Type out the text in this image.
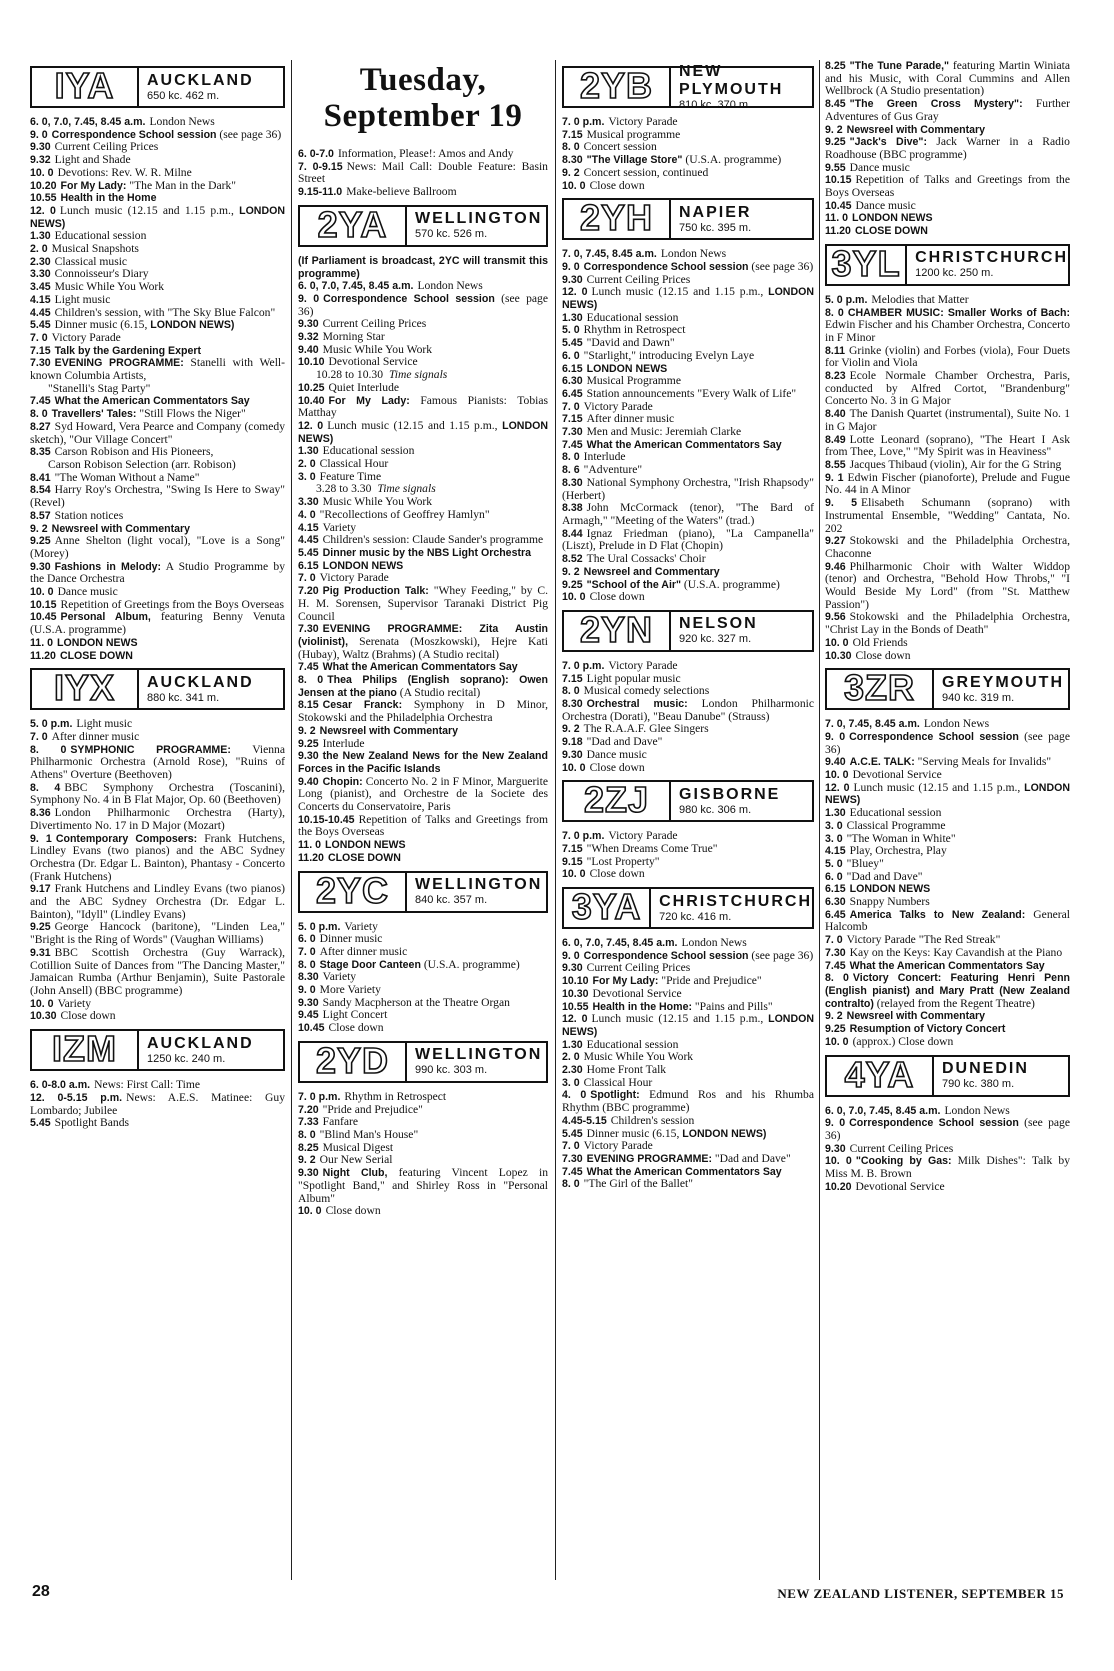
IYA	AUCKLAND
650 kc. 462 m.

6. 0, 7.0, 7.45, 8.45 a.m. London News

9. 0 Correspondence School session (see page 36)

9.30 Current Ceiling Prices

9.32 Light and Shade

10. 0 Devotions: Rev. W. R. Milne

10.20 For My Lady: "The Man in the Dark"

10.55 Health in the Home

12. 0 Lunch music (12.15 and 1.15 p.m., LONDON NEWS)

1.30 Educational session

2. 0 Musical Snapshots

2.30 Classical music

3.30 Connoisseur's Diary

3.45 Music While You Work

4.15 Light music

4.45 Children's session, with "The Sky Blue Falcon"

5.45 Dinner music (6.15, LONDON NEWS)

7. 0 Victory Parade

7.15 Talk by the Gardening Expert

7.30 EVENING PROGRAMME: Stanelli with Well-known Columbia Artists,

"Stanelli's Stag Party"

7.45 What the American Commentators Say

8. 0 Travellers' Tales: "Still Flows the Niger"

8.27 Syd Howard, Vera Pearce and Company (comedy sketch), "Our Village Concert"

8.35 Carson Robison and His Pioneers,

Carson Robison Selection (arr. Robison)

8.41 "The Woman Without a Name"

8.54 Harry Roy's Orchestra, "Swing Is Here to Sway" (Revel)

8.57 Station notices

9. 2 Newsreel with Commentary

9.25 Anne Shelton (light vocal), "Love is a Song" (Morey)

9.30 Fashions in Melody: A Studio Programme by the Dance Orchestra

10. 0 Dance music

10.15 Repetition of Greetings from the Boys Overseas

10.45 Personal Album, featuring Benny Venuta (U.S.A. programme)

11. 0 LONDON NEWS

11.20 CLOSE DOWN

IYX	AUCKLAND
880 kc. 341 m.

5. 0 p.m. Light music

7. 0 After dinner music

8. 0 SYMPHONIC PROGRAMME: Vienna Philharmonic Orchestra (Arnold Rose), "Ruins of Athens" Overture (Beethoven)

8. 4 BBC Symphony Orchestra (Toscanini), Symphony No. 4 in B Flat Major, Op. 60 (Beethoven)

8.36 London Philharmonic Orchestra (Harty), Divertimento No. 17 in D Major (Mozart)

9. 1 Contemporary Composers: Frank Hutchens, Lindley Evans (two pianos) and the ABC Sydney Orchestra (Dr. Edgar L. Bainton), Phantasy - Concerto (Frank Hutchens)

9.17 Frank Hutchens and Lindley Evans (two pianos) and the ABC Sydney Orchestra (Dr. Edgar L. Bainton), "Idyll" (Lindley Evans)

9.25 George Hancock (baritone), "Linden Lea," "Bright is the Ring of Words" (Vaughan Williams)

9.31 BBC Scottish Orchestra (Guy Warrack), Cotillion Suite of Dances from "The Dancing Master," Jamaican Rumba (Arthur Benjamin), Suite Pastorale (John Ansell) (BBC programme)

10. 0 Variety

10.30 Close down

IZM	AUCKLAND
1250 kc. 240 m.

6. 0-8.0 a.m. News: First Call: Time

12. 0-5.15 p.m. News: A.E.S. Matinee: Guy Lombardo; Jubilee

5.45 Spotlight Bands

Tuesday, September 19

6. 0-7.0 Information, Please!: Amos and Andy

7. 0-9.15 News: Mail Call: Double Feature: Basin Street

9.15-11.0 Make-believe Ballroom

2YA	WELLINGTON
570 kc. 526 m.

(If Parliament is broadcast, 2YC will transmit this programme)

6. 0, 7.0, 7.45, 8.45 a.m. London News

9. 0 Correspondence School session (see page 36)

9.30 Current Ceiling Prices

9.32 Morning Star

9.40 Music While You Work

10.10 Devotional Service

10.28 to 10.30 Time signals

10.25 Quiet Interlude

10.40 For My Lady: Famous Pianists: Tobias Matthay

12. 0 Lunch music (12.15 and 1.15 p.m., LONDON NEWS)

1.30 Educational session

2. 0 Classical Hour

3. 0 Feature Time

3.28 to 3.30 Time signals

3.30 Music While You Work

4. 0 "Recollections of Geoffrey Hamlyn"

4.15 Variety

4.45 Children's session: Claude Sander's programme

5.45 Dinner music by the NBS Light Orchestra

6.15 LONDON NEWS

7. 0 Victory Parade

7.20 Pig Production Talk: "Whey Feeding," by C. H. M. Sorensen, Supervisor Taranaki District Pig Council

7.30 EVENING PROGRAMME: Zita Austin (violinist), Serenata (Moszkowski), Hejre Kati (Hubay), Waltz (Brahms) (A Studio recital)

7.45 What the American Commentators Say

8. 0 Thea Philips (English soprano): Owen Jensen at the piano (A Studio recital)

8.15 Cesar Franck: Symphony in D Minor, Stokowski and the Philadelphia Orchestra

9. 2 Newsreel with Commentary

9.25 Interlude

9.30 the New Zealand News for the New Zealand Forces in the Pacific Islands

9.40 Chopin: Concerto No. 2 in F Minor, Marguerite Long (pianist), and Orchestre de la Societe des Concerts du Conservatoire, Paris

10.15-10.45 Repetition of Talks and Greetings from the Boys Overseas

11. 0 LONDON NEWS

11.20 CLOSE DOWN

2YC	WELLINGTON
840 kc. 357 m.

5. 0 p.m. Variety

6. 0 Dinner music

7. 0 After dinner music

8. 0 Stage Door Canteen (U.S.A. programme)

8.30 Variety

9. 0 More Variety

9.30 Sandy Macpherson at the Theatre Organ

9.45 Light Concert

10.45 Close down

2YD	WELLINGTON
990 kc. 303 m.

7. 0 p.m. Rhythm in Retrospect

7.20 "Pride and Prejudice"

7.33 Fanfare

8. 0 "Blind Man's House"

8.25 Musical Digest

9. 2 Our New Serial

9.30 Night Club, featuring Vincent Lopez in "Spotlight Band," and Shirley Ross in "Personal Album"

10. 0 Close down

2YB	NEW PLYMOUTH
810 kc. 370 m.

7. 0 p.m. Victory Parade

7.15 Musical programme

8. 0 Concert session

8.30 "The Village Store" (U.S.A. programme)

9. 2 Concert session, continued

10. 0 Close down

2YH	NAPIER
750 kc. 395 m.

7. 0, 7.45, 8.45 a.m. London News

9. 0 Correspondence School session (see page 36)

9.30 Current Ceiling Prices

12. 0 Lunch music (12.15 and 1.15 p.m., LONDON NEWS)

1.30 Educational session

5. 0 Rhythm in Retrospect

5.45 "David and Dawn"

6. 0 "Starlight," introducing Evelyn Laye

6.15 LONDON NEWS

6.30 Musical Programme

6.45 Station announcements "Every Walk of Life"

7. 0 Victory Parade

7.15 After dinner music

7.30 Men and Music: Jeremiah Clarke

7.45 What the American Commentators Say

8. 0 Interlude

8. 6 "Adventure"

8.30 National Symphony Orchestra, "Irish Rhapsody" (Herbert)

8.38 John McCormack (tenor), "The Bard of Armagh," "Meeting of the Waters" (trad.)

8.44 Ignaz Friedman (piano), "La Campanella" (Liszt), Prelude in D Flat (Chopin)

8.52 The Ural Cossacks' Choir

9. 2 Newsreel and Commentary

9.25 "School of the Air" (U.S.A. programme)

10. 0 Close down

2YN	NELSON
920 kc. 327 m.

7. 0 p.m. Victory Parade

7.15 Light popular music

8. 0 Musical comedy selections

8.30 Orchestral music: London Philharmonic Orchestra (Dorati), "Beau Danube" (Strauss)

9. 2 The R.A.A.F. Glee Singers

9.18 "Dad and Dave"

9.30 Dance music

10. 0 Close down

2ZJ	GISBORNE
980 kc. 306 m.

7. 0 p.m. Victory Parade

7.15 "When Dreams Come True"

9.15 "Lost Property"

10. 0 Close down

3YA	CHRISTCHURCH
720 kc. 416 m.

6. 0, 7.0, 7.45, 8.45 a.m. London News

9. 0 Correspondence School session (see page 36)

9.30 Current Ceiling Prices

10.10 For My Lady: "Pride and Prejudice"

10.30 Devotional Service

10.55 Health in the Home: "Pains and Pills"

12. 0 Lunch music (12.15 and 1.15 p.m., LONDON NEWS)

1.30 Educational session

2. 0 Music While You Work

2.30 Home Front Talk

3. 0 Classical Hour

4. 0 Spotlight: Edmund Ros and his Rhumba Rhythm (BBC programme)

4.45-5.15 Children's session

5.45 Dinner music (6.15, LONDON NEWS)

7. 0 Victory Parade

7.30 EVENING PROGRAMME: "Dad and Dave"

7.45 What the American Commentators Say

8. 0 "The Girl of the Ballet"

8.25 "The Tune Parade," featuring Martin Winiata and his Music, with Coral Cummins and Allen Wellbrock (A Studio presentation)

8.45 "The Green Cross Mystery": Further Adventures of Gus Gray

9. 2 Newsreel with Commentary

9.25 "Jack's Dive": Jack Warner in a Radio Roadhouse (BBC programme)

9.55 Dance music

10.15 Repetition of Talks and Greetings from the Boys Overseas

10.45 Dance music

11. 0 LONDON NEWS

11.20 CLOSE DOWN

3YL CHRISTCHURCH
1200 kc. 250 m.

5. 0 p.m. Melodies that Matter

8. 0 CHAMBER MUSIC: Smaller Works of Bach: Edwin Fischer and his Chamber Orchestra, Concerto in F Minor

8.11 Grinke (violin) and Forbes (viola), Four Duets for Violin and Viola

8.23 Ecole Normale Chamber Orchestra, Paris, conducted by Alfred Cortot, "Brandenburg" Concerto No. 3 in G Major

8.40 The Danish Quartet (instrumental), Suite No. 1 in G Major

8.49 Lotte Leonard (soprano), "The Heart I Ask from Thee, Love," "My Spirit was in Heaviness"

8.55 Jacques Thibaud (violin), Air for the G String

9. 1 Edwin Fischer (pianoforte), Prelude and Fugue No. 44 in A Minor

9. 5 Elisabeth Schumann (soprano) with Instrumental Ensemble, "Wedding" Cantata, No. 202

9.27 Stokowski and the Philadelphia Orchestra, Chaconne

9.46 Philharmonic Choir with Walter Widdop (tenor) and Orchestra, "Behold How Throbs," "I Would Beside My Lord" (from "St. Matthew Passion")

9.56 Stokowski and the Philadelphia Orchestra, "Christ Lay in the Bonds of Death"

10. 0 Old Friends

10.30 Close down

3ZR	GREYMOUTH
940 kc. 319 m.

7. 0, 7.45, 8.45 a.m. London News

9. 0 Correspondence School session (see page 36)

9.40 A.C.E. TALK: "Serving Meals for Invalids"

10. 0 Devotional Service

12. 0 Lunch music (12.15 and 1.15 p.m., LONDON NEWS)

1.30 Educational session

3. 0 Classical Programme

3. 0 "The Woman in White"

4.15 Play, Orchestra, Play

5. 0 "Bluey"

6. 0 "Dad and Dave"

6.15 LONDON NEWS

6.30 Snappy Numbers

6.45 America Talks to New Zealand: General Halcomb

7. 0 Victory Parade "The Red Streak"

7.30 Kay on the Keys: Kay Cavandish at the Piano

7.45 What the American Commentators Say

8. 0 Victory Concert: Featuring Henri Penn (English pianist) and Mary Pratt (New Zealand contralto) (relayed from the Regent Theatre)

9. 2 Newsreel with Commentary

9.25 Resumption of Victory Concert

10. 0 (approx.) Close down

4YA	DUNEDIN
790 kc. 380 m.

6. 0, 7.0, 7.45, 8.45 a.m. London News

9. 0 Correspondence School session (see page 36)

9.30 Current Ceiling Prices

10. 0 "Cooking by Gas: Milk Dishes": Talk by Miss M. B. Brown

10.20 Devotional Service

28	NEW ZEALAND LISTENER, SEPTEMBER 15
